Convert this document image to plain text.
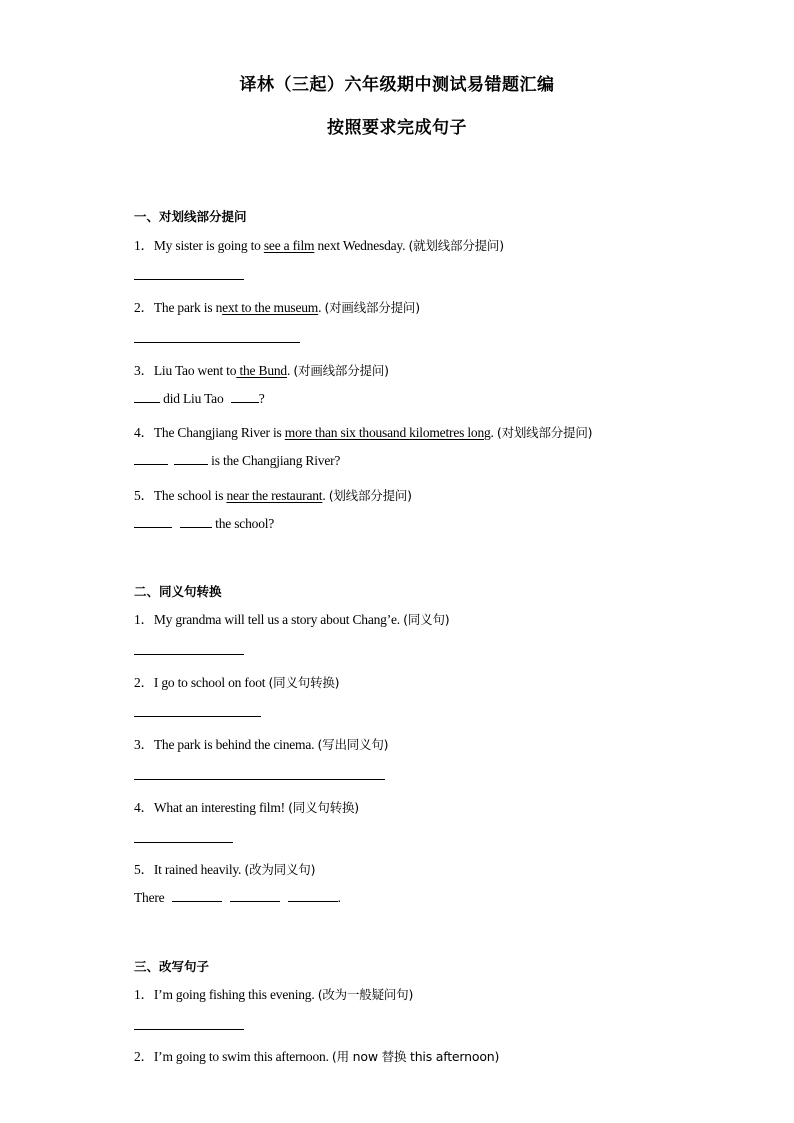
译林（三起）六年级期中测试易错题汇编
按照要求完成句子
一、对划线部分提问
1．My sister is going to see a film next Wednesday. (就划线部分提问)
2．The park is next to the museum. (对画线部分提问)
3．Liu Tao went to the Bund. (对画线部分提问)
did Liu Tao ?
4．The Changjiang River is more than six thousand kilometres long. (对划线部分提问)
is the Changjiang River?
5．The school is near the restaurant. (划线部分提问)
the school?
二、同义句转换
1．My grandma will tell us a story about Chang’e. (同义句)
2．I go to school on foot (同义句转换)
3．The park is behind the cinema. (写出同义句)
4．What an interesting film! (同义句转换)
5．It rained heavily. (改为同义句)
There	.
三、改写句子
1．I’m going fishing this evening. (改为一般疑问句)
2．I’m going to swim this afternoon. (用 now 替换 this afternoon)
